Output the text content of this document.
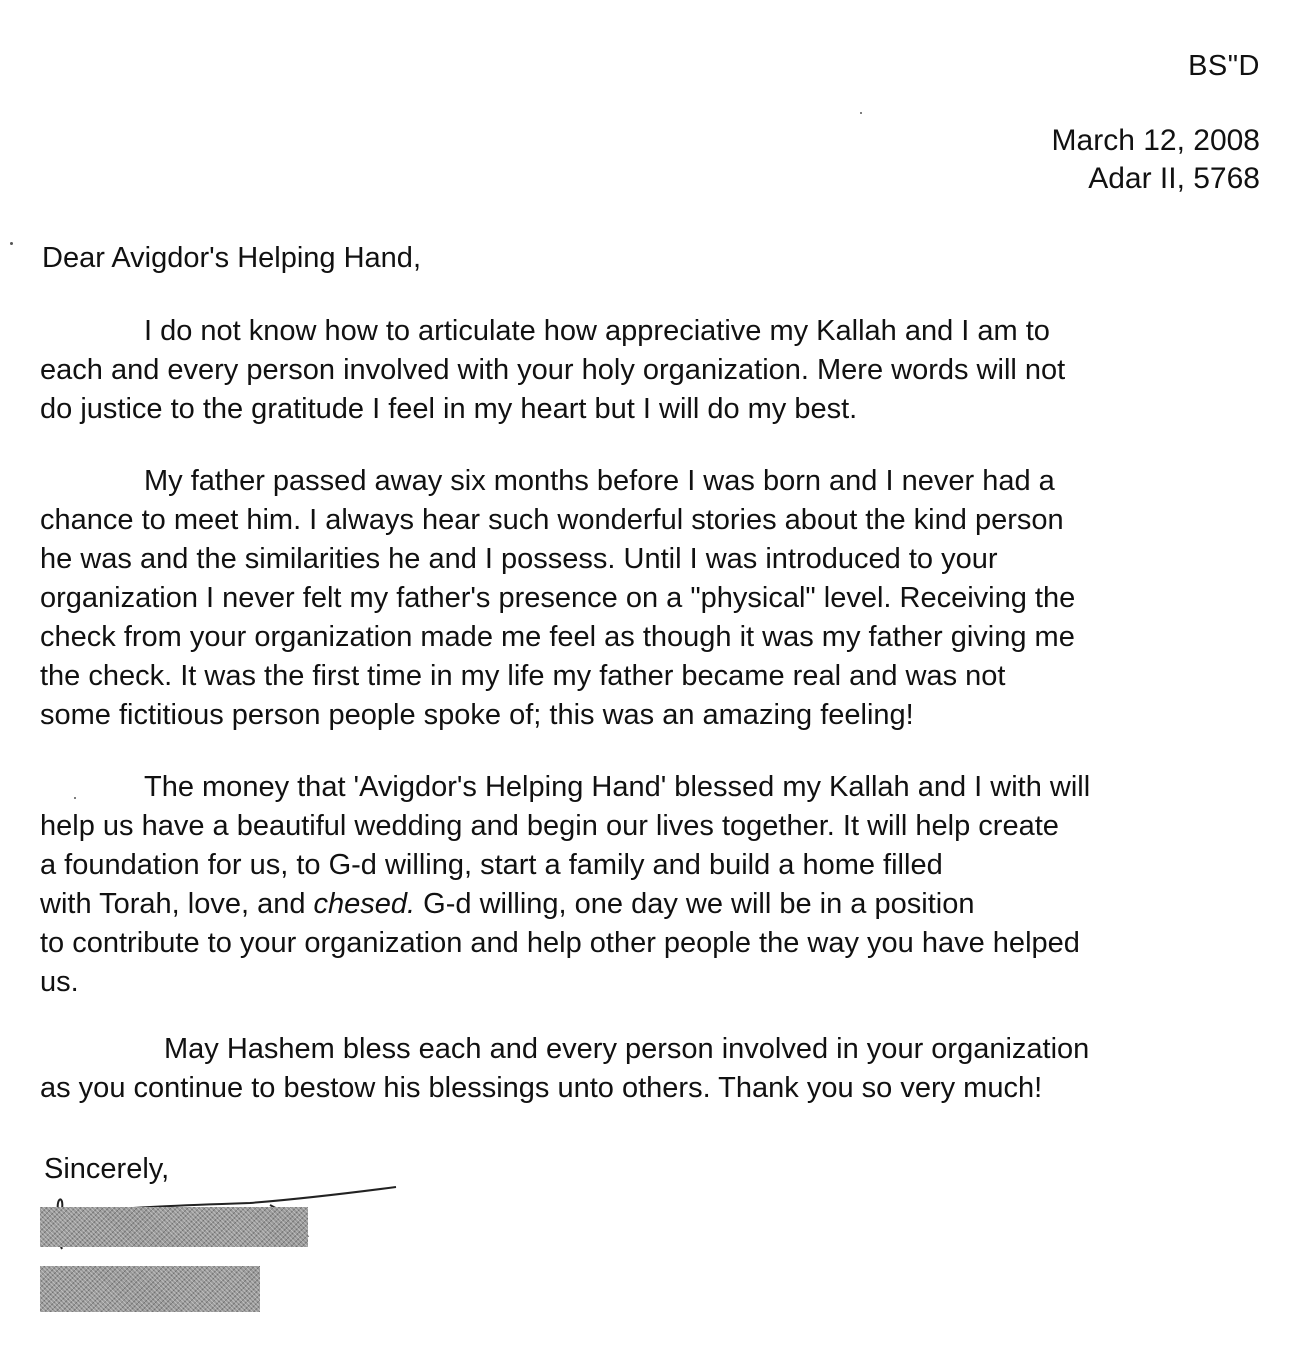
BS"D
March 12, 2008
Adar II, 5768
Dear Avigdor's Helping Hand,
I do not know how to articulate how appreciative my Kallah and I am to
each and every person involved with your holy organization. Mere words will not
do justice to the gratitude I feel in my heart but I will do my best.
My father passed away six months before I was born and I never had a
chance to meet him. I always hear such wonderful stories about the kind person
he was and the similarities he and I possess. Until I was introduced to your
organization I never felt my father's presence on a "physical" level. Receiving the
check from your organization made me feel as though it was my father giving me
the check. It was the first time in my life my father became real and was not
some fictitious person people spoke of; this was an amazing feeling!
The money that 'Avigdor's Helping Hand' blessed my Kallah and I with will
help us have a beautiful wedding and begin our lives together. It will help create
a foundation for us, to G-d willing, start a family and build a home filled
with Torah, love, and chesed. G-d willing, one day we will be in a position
to contribute to your organization and help other people the way you have helped
us.
May Hashem bless each and every person involved in your organization
as you continue to bestow his blessings unto others. Thank you so very much!
Sincerely,
